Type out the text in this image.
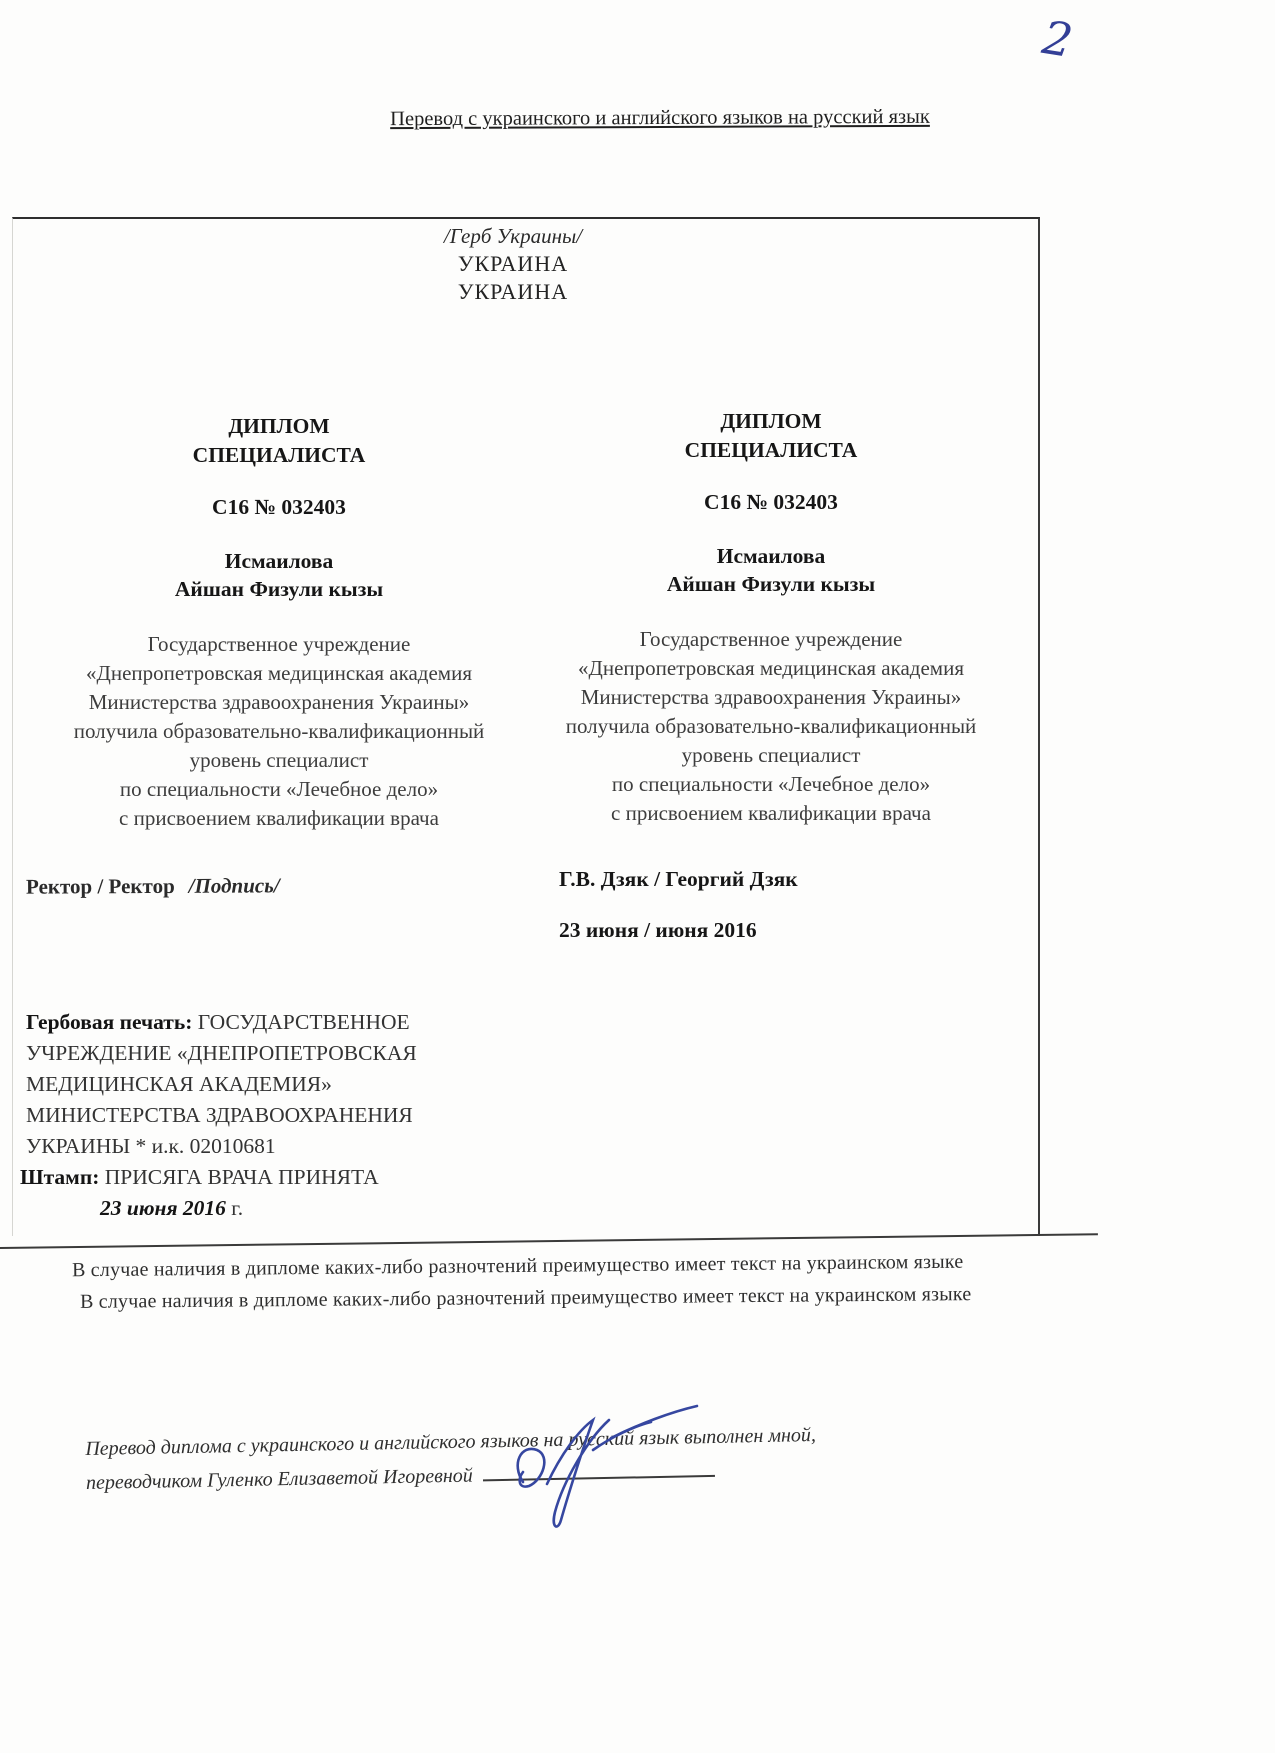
2
Перевод с украинского и английского языков на русский язык
/Герб Украины/
УКРАИНА
УКРАИНА
ДИПЛОМ
СПЕЦИАЛИСТА
С16 № 032403
Исмаилова
Айшан Физули кызы
Государственное учреждение
«Днепропетровская медицинская академия
Министерства здравоохранения Украины»
получила образовательно-квалификационный
уровень специалист
по специальности «Лечебное дело»
с присвоением квалификации врача
ДИПЛОМ
СПЕЦИАЛИСТА
С16 № 032403
Исмаилова
Айшан Физули кызы
Государственное учреждение
«Днепропетровская медицинская академия
Министерства здравоохранения Украины»
получила образовательно-квалификационный
уровень специалист
по специальности «Лечебное дело»
с присвоением квалификации врача
Ректор / Ректор /Подпись/	Г.В. Дзяк / Георгий Дзяк
23 июня / июня 2016
Гербовая печать: ГОСУДАРСТВЕННОЕ
УЧРЕЖДЕНИЕ «ДНЕПРОПЕТРОВСКАЯ
МЕДИЦИНСКАЯ АКАДЕМИЯ»
МИНИСТЕРСТВА ЗДРАВООХРАНЕНИЯ
УКРАИНЫ * и.к. 02010681
Штамп: ПРИСЯГА ВРАЧА ПРИНЯТА
23 июня 2016 г.
В случае наличия в дипломе каких-либо разночтений преимущество имеет текст на украинском языке
В случае наличия в дипломе каких-либо разночтений преимущество имеет текст на украинском языке
Перевод диплома с украинского и английского языков на русский язык выполнен мной,
переводчиком Гуленко Елизаветой Игоревной
